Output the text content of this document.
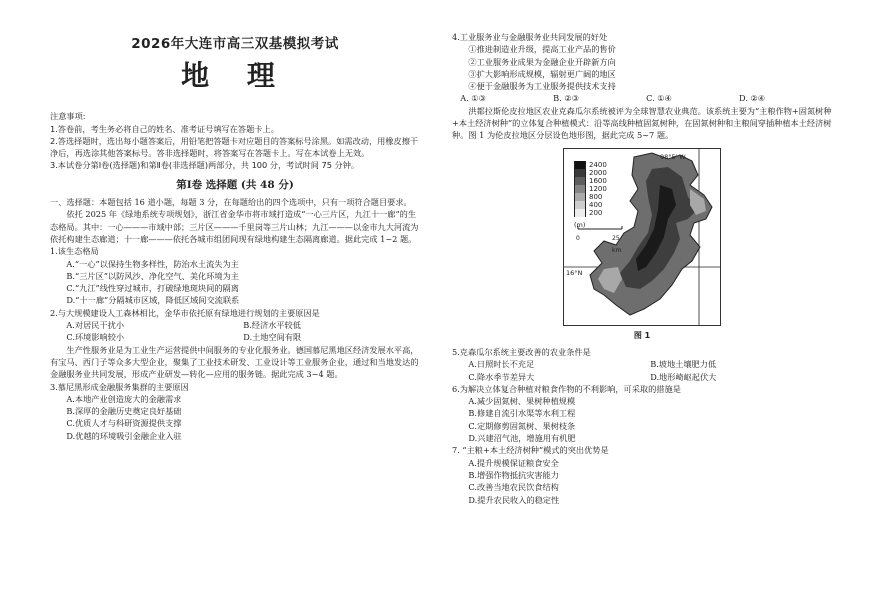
2026年大连市高三双基模拟考试
地 理
注意事项:

1.答卷前，考生务必将自己的姓名、准考证号填写在答题卡上。

2.答选择题时，选出每小题答案后，用铅笔把答题卡对应题目的答案标号涂黑。如需改动，用橡皮擦干净后，再选涂其他答案标号。答非选择题时，将答案写在答题卡上。写在本试卷上无效。

3.本试卷分第Ⅰ卷(选择题)和第Ⅱ卷(非选择题)两部分，共 100 分，考试时间 75 分钟。

第Ⅰ卷 选择题 (共 48 分)

一、选择题：本题包括 16 道小题，每题 3 分，在每题给出的四个选项中，只有一项符合题目要求。

依托 2025 年《绿地系统专项规划》，浙江省金华市将市域打造成“一心三片区，九江十一廊”的生态格局。其中：一心———市域中部；三片区———千里岗等三片山林；九江———以金市九大河流为依托构建生态廊道；十一廊———依托各城市组团间现有绿地构建生态隔离廊道。据此完成 1~2 题。

1.该生态格局

A.“一心”以保持生物多样性，防治水土流失为主

B.“三片区”以防风沙、净化空气、美化环境为主

C.“九江”线性穿过城市，打破绿地斑块间的隔离

D.“十一廊”分隔城市区域，降低区域间交流联系

2.与大规模建设人工森林相比，金华市依托原有绿地进行规划的主要原因是

A.对居民干扰小	B.经济水平较低
C.环境影响较小	D.土地空间有限

生产性服务业是为工业生产运营提供中间服务的专业化服务业。德国慕尼黑地区经济发展水平高，有宝马、西门子等众多大型企业，聚集了工业技术研发、工业设计等工业服务企业，通过和当地发达的金融服务业共同发展，形成产业研发—转化—应用的服务链。据此完成 3~4 题。

3.慕尼黑形成金融服务集群的主要原因

A.本地产业创造庞大的金融需求

B.深厚的金融历史奠定良好基础

C.优质人才与科研资源提供支撑

D.优越的环境吸引金融企业入驻

4.工业服务业与金融服务业共同发展的好处

①推进制造业升级，提高工业产品的售价

②工业服务业成果为金融企业开辟新方向

③扩大影响形成规模，辐射更广阔的地区

④便于金融服务为工业服务提供技术支持

A. ①③	B. ②③	C. ①④	D. ②④

洪都拉斯伦皮拉地区农业克森瓜尔系统被评为全球智慧农业典范。该系统主要为“主粮作物+固氮树种+本土经济树种”的立体复合种植模式：沿等高线种植固氮树种，在固氮树种和主粮间穿插种植本土经济树种。图 1 为伦皮拉地区分层设色地形图，据此完成 5~7 题。

2400
2000
1600
1200
800
400
200
(m)
0	25 km
98°5′ W
16°N
图 1

5.克森瓜尔系统主要改善的农业条件是

A.日照时长不充足	B.坡地土壤肥力低
C.降水季节差异大	D.地形崎岖起伏大

6.为解决立体复合种植对粮食作物的不利影响，可采取的措施是

A.减少固氮树、果树种植规模

B.修建自流引水渠等水利工程

C.定期修剪固氮树、果树枝条

D.兴建沼气池，增施用有机肥

7. “主粮+本土经济树种”模式的突出优势是

A.提升规模保证粮食安全

B.增强作物抵抗灾害能力

C.改善当地农民饮食结构

D.提升农民收入的稳定性
